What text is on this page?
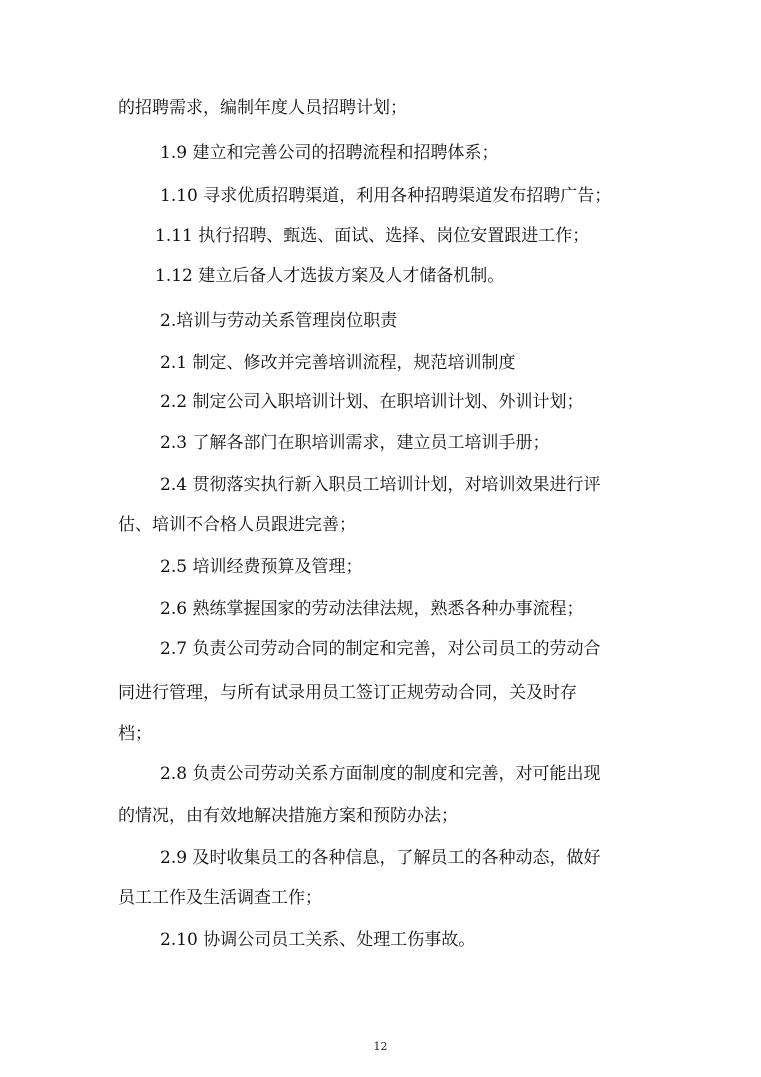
的招聘需求，编制年度人员招聘计划；
1.9 建立和完善公司的招聘流程和招聘体系；
1.10 寻求优质招聘渠道，利用各种招聘渠道发布招聘广告；
1.11 执行招聘、甄选、面试、选择、岗位安置跟进工作；
1.12 建立后备人才选拔方案及人才储备机制。
2.培训与劳动关系管理岗位职责
2.1 制定、修改并完善培训流程，规范培训制度
2.2 制定公司入职培训计划、在职培训计划、外训计划；
2.3 了解各部门在职培训需求，建立员工培训手册；
2.4 贯彻落实执行新入职员工培训计划，对培训效果进行评
估、培训不合格人员跟进完善；
2.5 培训经费预算及管理；
2.6 熟练掌握国家的劳动法律法规，熟悉各种办事流程；
2.7 负责公司劳动合同的制定和完善，对公司员工的劳动合
同进行管理，与所有试录用员工签订正规劳动合同，关及时存
档；
2.8 负责公司劳动关系方面制度的制度和完善，对可能出现
的情况，由有效地解决措施方案和预防办法；
2.9 及时收集员工的各种信息，了解员工的各种动态，做好
员工工作及生活调查工作；
2.10 协调公司员工关系、处理工伤事故。
12
